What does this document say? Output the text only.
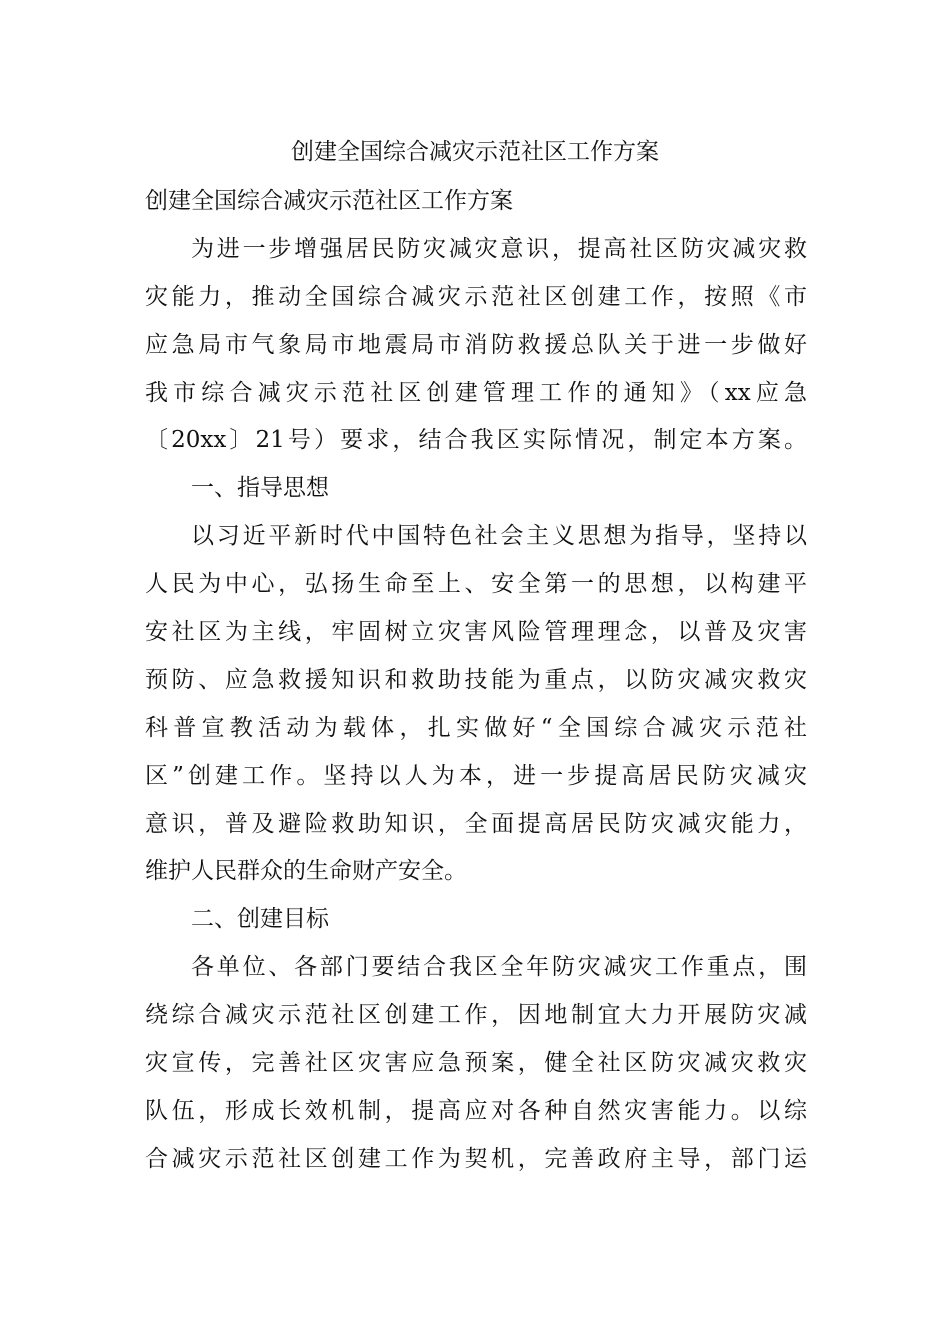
创建全国综合减灾示范社区工作方案
创建全国综合减灾示范社区工作方案
为进一步增强居民防灾减灾意识，提高社区防灾减灾救
灾能力，推动全国综合减灾示范社区创建工作，按照《市
应急局市气象局市地震局市消防救援总队关于进一步做好
我市综合减灾示范社区创建管理工作的通知》（xx应急
〔20xx〕21号）要求，结合我区实际情况，制定本方案。
一、指导思想
以习近平新时代中国特色社会主义思想为指导，坚持以
人民为中心，弘扬生命至上、安全第一的思想，以构建平
安社区为主线，牢固树立灾害风险管理理念，以普及灾害
预防、应急救援知识和救助技能为重点，以防灾减灾救灾
科普宣教活动为载体，扎实做好“全国综合减灾示范社
区”创建工作。坚持以人为本，进一步提高居民防灾减灾
意识，普及避险救助知识，全面提高居民防灾减灾能力，
维护人民群众的生命财产安全。
二、创建目标
各单位、各部门要结合我区全年防灾减灾工作重点，围
绕综合减灾示范社区创建工作，因地制宜大力开展防灾减
灾宣传，完善社区灾害应急预案，健全社区防灾减灾救灾
队伍，形成长效机制，提高应对各种自然灾害能力。以综
合减灾示范社区创建工作为契机，完善政府主导，部门运
